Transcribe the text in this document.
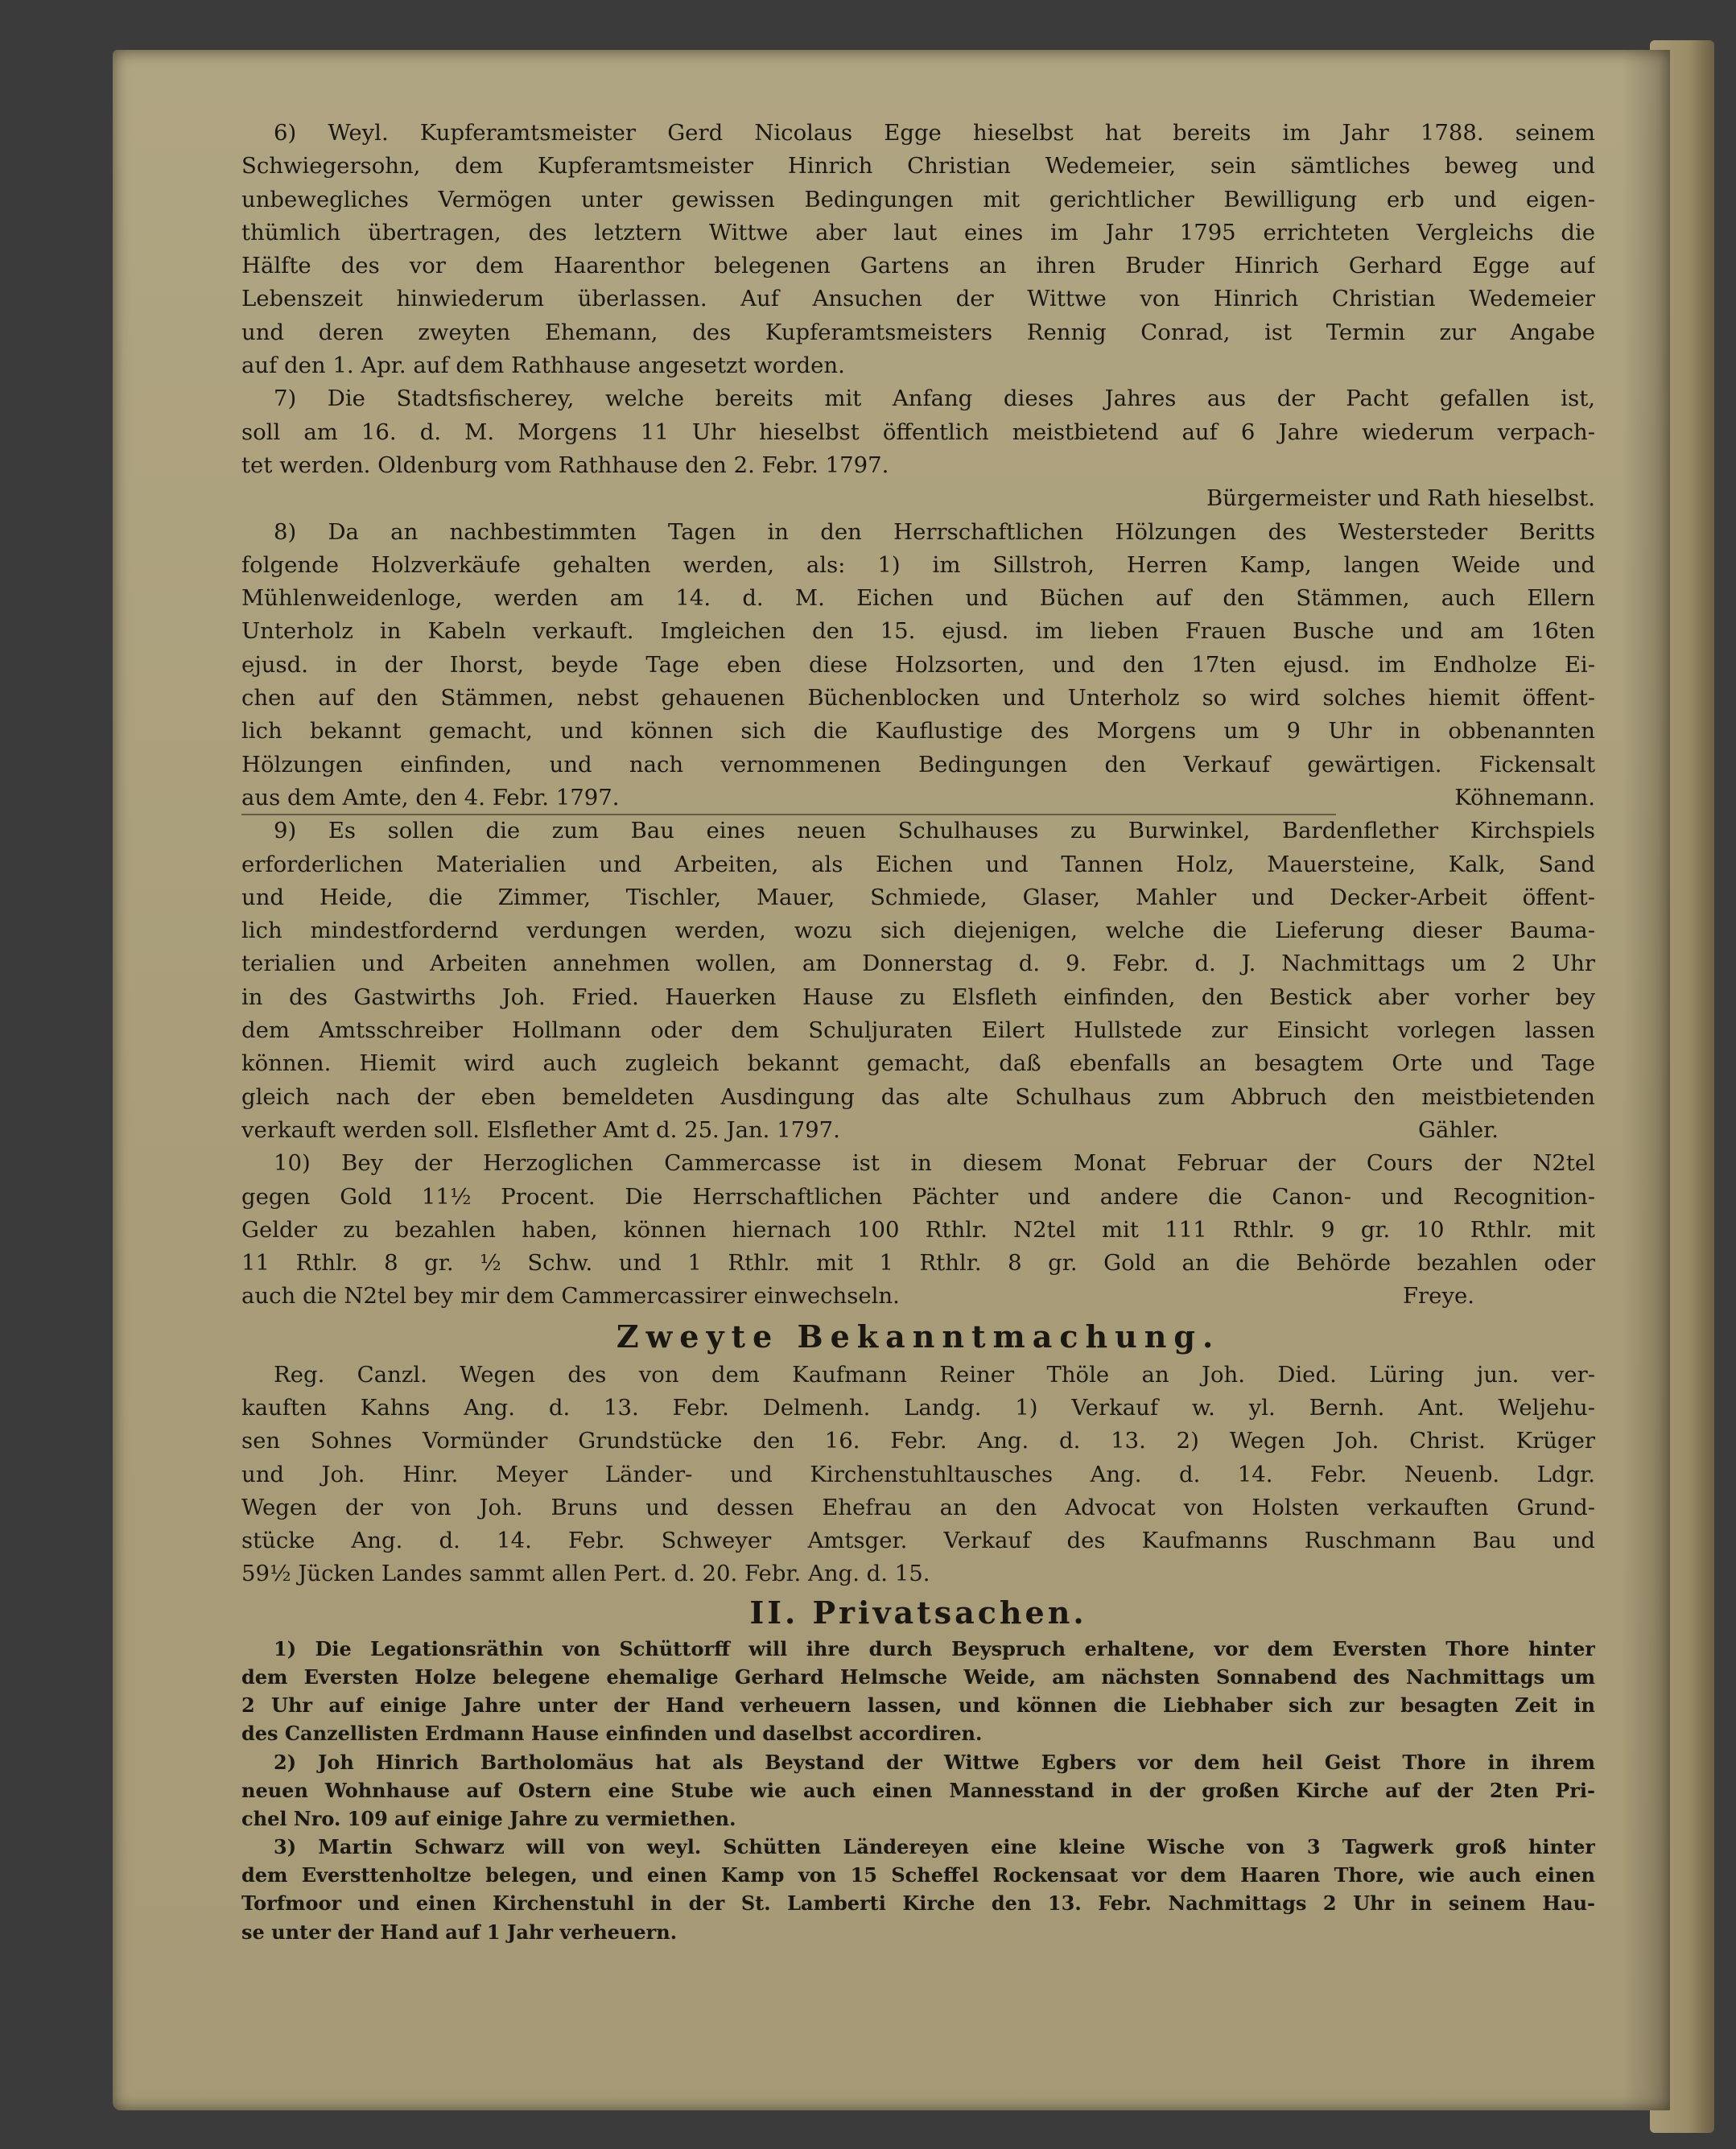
6) Weyl. Kupferamtsmeister Gerd Nicolaus Egge hieselbst hat bereits im Jahr 1788. seinem
Schwiegersohn, dem Kupferamtsmeister Hinrich Christian Wedemeier, sein sämtliches beweg und
unbewegliches Vermögen unter gewissen Bedingungen mit gerichtlicher Bewilligung erb und eigen-
thümlich übertragen, des letztern Wittwe aber laut eines im Jahr 1795 errichteten Vergleichs die
Hälfte des vor dem Haarenthor belegenen Gartens an ihren Bruder Hinrich Gerhard Egge auf
Lebenszeit hinwiederum überlassen. Auf Ansuchen der Wittwe von Hinrich Christian Wedemeier
und deren zweyten Ehemann, des Kupferamtsmeisters Rennig Conrad, ist Termin zur Angabe
auf den 1. Apr. auf dem Rathhause angesetzt worden.
7) Die Stadtsfischerey, welche bereits mit Anfang dieses Jahres aus der Pacht gefallen ist,
soll am 16. d. M. Morgens 11 Uhr hieselbst öffentlich meistbietend auf 6 Jahre wiederum verpach-
tet werden. Oldenburg vom Rathhause den 2. Febr. 1797.
Bürgermeister und Rath hieselbst.
8) Da an nachbestimmten Tagen in den Herrschaftlichen Hölzungen des Westersteder Beritts
folgende Holzverkäufe gehalten werden, als: 1) im Sillstroh, Herren Kamp, langen Weide und
Mühlenweidenloge, werden am 14. d. M. Eichen und Büchen auf den Stämmen, auch Ellern
Unterholz in Kabeln verkauft. Imgleichen den 15. ejusd. im lieben Frauen Busche und am 16ten
ejusd. in der Ihorst, beyde Tage eben diese Holzsorten, und den 17ten ejusd. im Endholze Ei-
chen auf den Stämmen, nebst gehauenen Büchenblocken und Unterholz so wird solches hiemit öffent-
lich bekannt gemacht, und können sich die Kauflustige des Morgens um 9 Uhr in obbenannten
Hölzungen einfinden, und nach vernommenen Bedingungen den Verkauf gewärtigen. Fickensalt
aus dem Amte, den 4. Febr. 1797.	Köhnemann.
9) Es sollen die zum Bau eines neuen Schulhauses zu Burwinkel, Bardenflether Kirchspiels
erforderlichen Materialien und Arbeiten, als Eichen und Tannen Holz, Mauersteine, Kalk, Sand
und Heide, die Zimmer, Tischler, Mauer, Schmiede, Glaser, Mahler und Decker-Arbeit öffent-
lich mindestfordernd verdungen werden, wozu sich diejenigen, welche die Lieferung dieser Bauma-
terialien und Arbeiten annehmen wollen, am Donnerstag d. 9. Febr. d. J. Nachmittags um 2 Uhr
in des Gastwirths Joh. Fried. Hauerken Hause zu Elsfleth einfinden, den Bestick aber vorher bey
dem Amtsschreiber Hollmann oder dem Schuljuraten Eilert Hullstede zur Einsicht vorlegen lassen
können. Hiemit wird auch zugleich bekannt gemacht, daß ebenfalls an besagtem Orte und Tage
gleich nach der eben bemeldeten Ausdingung das alte Schulhaus zum Abbruch den meistbietenden
verkauft werden soll. Elsflether Amt d. 25. Jan. 1797.	Gähler.
10) Bey der Herzoglichen Cammercasse ist in diesem Monat Februar der Cours der N2tel
gegen Gold 11½ Procent. Die Herrschaftlichen Pächter und andere die Canon- und Recognition-
Gelder zu bezahlen haben, können hiernach 100 Rthlr. N2tel mit 111 Rthlr. 9 gr. 10 Rthlr. mit
11 Rthlr. 8 gr. ½ Schw. und 1 Rthlr. mit 1 Rthlr. 8 gr. Gold an die Behörde bezahlen oder
auch die N2tel bey mir dem Cammercassirer einwechseln.	Freye.
Zweyte Bekanntmachung.
Reg. Canzl. Wegen des von dem Kaufmann Reiner Thöle an Joh. Died. Lüring jun. ver-
kauften Kahns Ang. d. 13. Febr. Delmenh. Landg. 1) Verkauf w. yl. Bernh. Ant. Weljehu-
sen Sohnes Vormünder Grundstücke den 16. Febr. Ang. d. 13. 2) Wegen Joh. Christ. Krüger
und Joh. Hinr. Meyer Länder- und Kirchenstuhltausches Ang. d. 14. Febr. Neuenb. Ldgr.
Wegen der von Joh. Bruns und dessen Ehefrau an den Advocat von Holsten verkauften Grund-
stücke Ang. d. 14. Febr. Schweyer Amtsger. Verkauf des Kaufmanns Ruschmann Bau und
59½ Jücken Landes sammt allen Pert. d. 20. Febr. Ang. d. 15.
II. Privatsachen.
1) Die Legationsräthin von Schüttorff will ihre durch Beyspruch erhaltene, vor dem Eversten Thore hinter
dem Eversten Holze belegene ehemalige Gerhard Helmsche Weide, am nächsten Sonnabend des Nachmittags um
2 Uhr auf einige Jahre unter der Hand verheuern lassen, und können die Liebhaber sich zur besagten Zeit in
des Canzellisten Erdmann Hause einfinden und daselbst accordiren.
2) Joh Hinrich Bartholomäus hat als Beystand der Wittwe Egbers vor dem heil Geist Thore in ihrem
neuen Wohnhause auf Ostern eine Stube wie auch einen Mannesstand in der großen Kirche auf der 2ten Pri-
chel Nro. 109 auf einige Jahre zu vermiethen.
3) Martin Schwarz will von weyl. Schütten Ländereyen eine kleine Wische von 3 Tagwerk groß hinter
dem Eversttenholtze belegen, und einen Kamp von 15 Scheffel Rockensaat vor dem Haaren Thore, wie auch einen
Torfmoor und einen Kirchenstuhl in der St. Lamberti Kirche den 13. Febr. Nachmittags 2 Uhr in seinem Hau-
se unter der Hand auf 1 Jahr verheuern.
